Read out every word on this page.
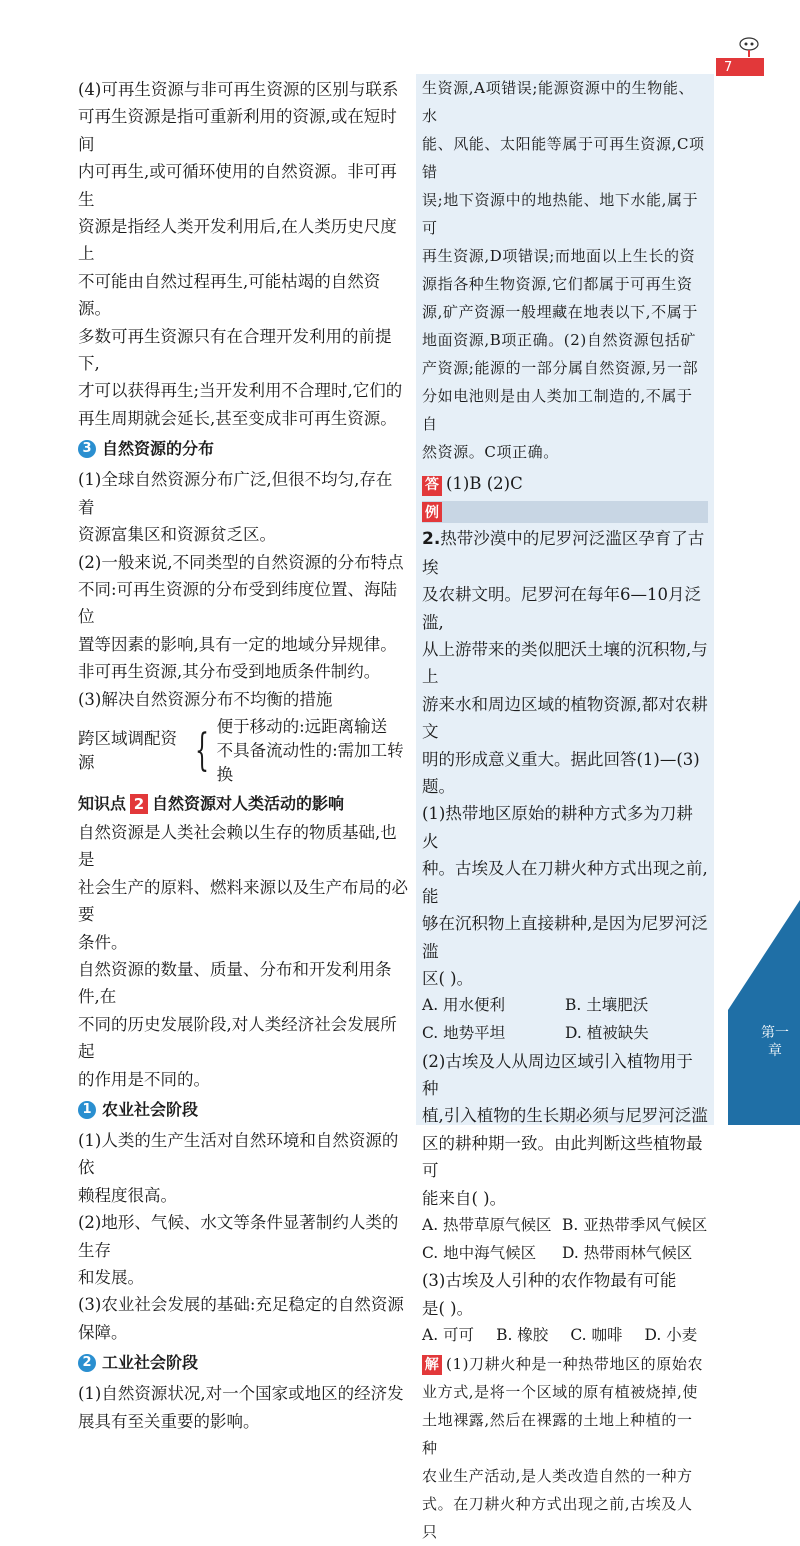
7

(4)可再生资源与非可再生资源的区别与联系

可再生资源是指可重新利用的资源,或在短时间
内可再生,或可循环使用的自然资源。非可再生
资源是指经人类开发利用后,在人类历史尺度上
不可能由自然过程再生,可能枯竭的自然资源。
多数可再生资源只有在合理开发利用的前提下,
才可以获得再生;当开发利用不合理时,它们的
再生周期就会延长,甚至变成非可再生资源。
3 自然资源的分布
(1)全球自然资源分布广泛,但很不均匀,存在着
资源富集区和资源贫乏区。
(2)一般来说,不同类型的自然资源的分布特点
不同:可再生资源的分布受到纬度位置、海陆位
置等因素的影响,具有一定的地域分异规律。
非可再生资源,其分布受到地质条件制约。
(3)解决自然资源分布不均衡的措施
跨区域调配资源	{ 便于移动的:远距离输送
不具备流动性的:需加工转换
知识点 2 自然资源对人类活动的影响
自然资源是人类社会赖以生存的物质基础,也是
社会生产的原料、燃料来源以及生产布局的必要
条件。
自然资源的数量、质量、分布和开发利用条件,在
不同的历史发展阶段,对人类经济社会发展所起
的作用是不同的。
1 农业社会阶段
(1)人类的生产生活对自然环境和自然资源的依
赖程度很高。
(2)地形、气候、水文等条件显著制约人类的生存
和发展。
(3)农业社会发展的基础:充足稳定的自然资源
保障。
2 工业社会阶段
(1)自然资源状况,对一个国家或地区的经济发
展具有至关重要的影响。
生资源,A项错误;能源资源中的生物能、水
能、风能、太阳能等属于可再生资源,C项错
误;地下资源中的地热能、地下水能,属于可
再生资源,D项错误;而地面以上生长的资
源指各种生物资源,它们都属于可再生资
源,矿产资源一般埋藏在地表以下,不属于
地面资源,B项正确。(2)自然资源包括矿
产资源;能源的一部分属自然资源,另一部
分如电池则是由人类加工制造的,不属于自
然资源。C项正确。
答 (1)B (2)C
例
2.热带沙漠中的尼罗河泛滥区孕育了古埃
及农耕文明。尼罗河在每年6—10月泛滥,
从上游带来的类似肥沃土壤的沉积物,与上
游来水和周边区域的植物资源,都对农耕文
明的形成意义重大。据此回答(1)—(3)题。
(1)热带地区原始的耕种方式多为刀耕火
种。古埃及人在刀耕火种方式出现之前,能
够在沉积物上直接耕种,是因为尼罗河泛滥
区( )。
A. 用水便利	B. 土壤肥沃
C. 地势平坦	D. 植被缺失
(2)古埃及人从周边区域引入植物用于种
植,引入植物的生长期必须与尼罗河泛滥
区的耕种期一致。由此判断这些植物最可
能来自( )。
A. 热带草原气候区 B. 亚热带季风气候区
C. 地中海气候区	D. 热带雨林气候区
(3)古埃及人引种的农作物最有可能
是( )。
A. 可可 B. 橡胶 C. 咖啡 D. 小麦
解 (1)刀耕火种是一种热带地区的原始农
业方式,是将一个区域的原有植被烧掉,使
土地裸露,然后在裸露的土地上种植的一种
农业生产活动,是人类改造自然的一种方
式。在刀耕火种方式出现之前,古埃及人只
第一章
